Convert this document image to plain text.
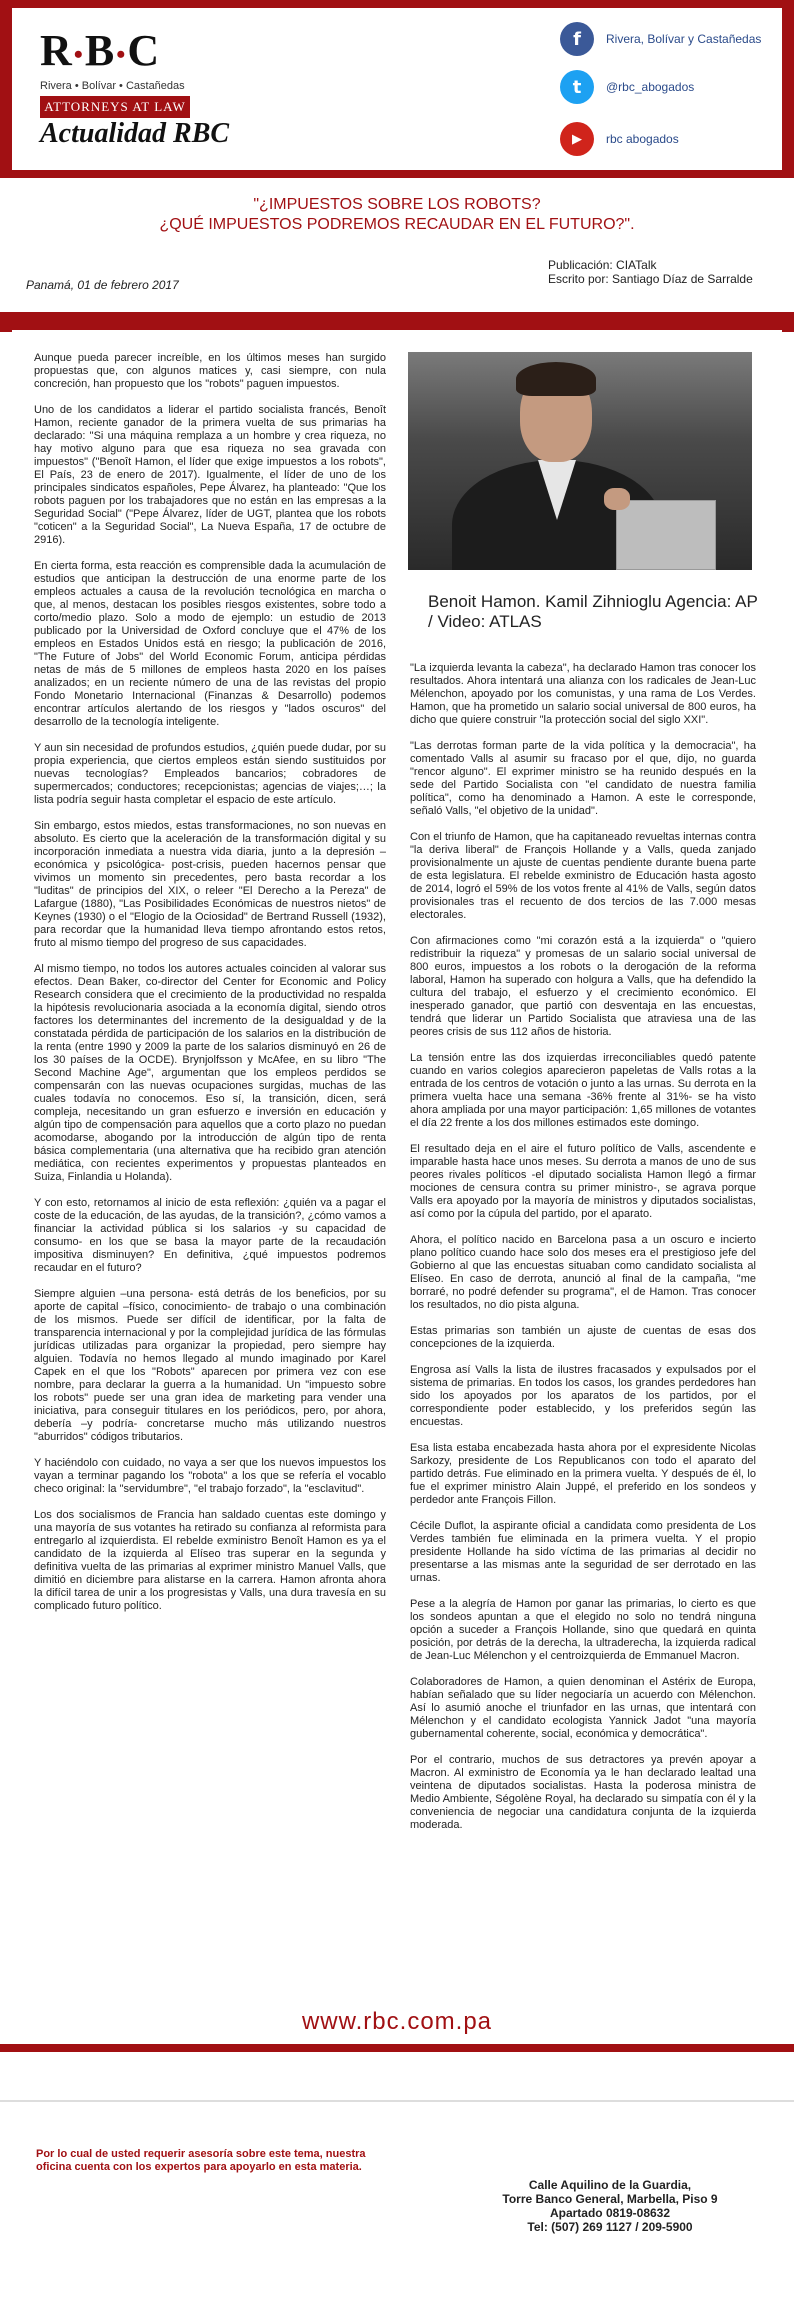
R•B•C
Rivera • Bolívar • Castañedas
ATTORNEYS AT LAW
Actualidad RBC
f	Rivera, Bolívar y Castañedas
t	@rbc_abogados
▶	rbc abogados
"¿IMPUESTOS SOBRE LOS ROBOTS?
¿QUÉ IMPUESTOS PODREMOS RECAUDAR EN EL FUTURO?".
Panamá, 01 de febrero 2017
Publicación: CIATalk
Escrito por: Santiago Díaz de Sarralde

Aunque pueda parecer increíble, en los últimos meses han surgido propuestas que, con algunos matices y, casi siempre, con nula concreción, han propuesto que los "robots" paguen impuestos.

Uno de los candidatos a liderar el partido socialista francés, Benoît Hamon, reciente ganador de la primera vuelta de sus primarias ha declarado: "Si una máquina remplaza a un hombre y crea riqueza, no hay motivo alguno para que esa riqueza no sea gravada con impuestos" ("Benoît Hamon, el líder que exige impuestos a los robots", El País, 23 de enero de 2017). Igualmente, el líder de uno de los principales sindicatos españoles, Pepe Álvarez, ha planteado: "Que los robots paguen por los trabajadores que no están en las empresas a la Seguridad Social" ("Pepe Álvarez, líder de UGT, plantea que los robots "coticen" a la Seguridad Social", La Nueva España, 17 de octubre de 2916).

En cierta forma, esta reacción es comprensible dada la acumulación de estudios que anticipan la destrucción de una enorme parte de los empleos actuales a causa de la revolución tecnológica en marcha o que, al menos, destacan los posibles riesgos existentes, sobre todo a corto/medio plazo. Solo a modo de ejemplo: un estudio de 2013 publicado por la Universidad de Oxford concluye que el 47% de los empleos en Estados Unidos está en riesgo; la publicación de 2016, "The Future of Jobs" del World Economic Forum, anticipa pérdidas netas de más de 5 millones de empleos hasta 2020 en los países analizados; en un reciente número de una de las revistas del propio Fondo Monetario Internacional (Finanzas & Desarrollo) podemos encontrar artículos alertando de los riesgos y "lados oscuros" del desarrollo de la tecnología inteligente.

Y aun sin necesidad de profundos estudios, ¿quién puede dudar, por su propia experiencia, que ciertos empleos están siendo sustituidos por nuevas tecnologías? Empleados bancarios; cobradores de supermercados; conductores; recepcionistas; agencias de viajes;…; la lista podría seguir hasta completar el espacio de este artículo.

Sin embargo, estos miedos, estas transformaciones, no son nuevas en absoluto. Es cierto que la aceleración de la transformación digital y su incorporación inmediata a nuestra vida diaria, junto a la depresión –económica y psicológica- post-crisis, pueden hacernos pensar que vivimos un momento sin precedentes, pero basta recordar a los "luditas" de principios del XIX, o releer "El Derecho a la Pereza" de Lafargue (1880), "Las Posibilidades Económicas de nuestros nietos" de Keynes (1930) o el "Elogio de la Ociosidad" de Bertrand Russell (1932), para recordar que la humanidad lleva tiempo afrontando estos retos, fruto al mismo tiempo del progreso de sus capacidades.

Al mismo tiempo, no todos los autores actuales coinciden al valorar sus efectos. Dean Baker, co-director del Center for Economic and Policy Research considera que el crecimiento de la productividad no respalda la hipótesis revolucionaria asociada a la economía digital, siendo otros factores los determinantes del incremento de la desigualdad y de la constatada pérdida de participación de los salarios en la distribución de la renta (entre 1990 y 2009 la parte de los salarios disminuyó en 26 de los 30 países de la OCDE). Brynjolfsson y McAfee, en su libro "The Second Machine Age", argumentan que los empleos perdidos se compensarán con las nuevas ocupaciones surgidas, muchas de las cuales todavía no conocemos. Eso sí, la transición, dicen, será compleja, necesitando un gran esfuerzo e inversión en educación y algún tipo de compensación para aquellos que a corto plazo no puedan acomodarse, abogando por la introducción de algún tipo de renta básica complementaria (una alternativa que ha recibido gran atención mediática, con recientes experimentos y propuestas planteados en Suiza, Finlandia u Holanda).

Y con esto, retornamos al inicio de esta reflexión: ¿quién va a pagar el coste de la educación, de las ayudas, de la transición?, ¿cómo vamos a financiar la actividad pública si los salarios -y su capacidad de consumo- en los que se basa la mayor parte de la recaudación impositiva disminuyen? En definitiva, ¿qué impuestos podremos recaudar en el futuro?

Siempre alguien –una persona- está detrás de los beneficios, por su aporte de capital –físico, conocimiento- de trabajo o una combinación de los mismos. Puede ser difícil de identificar, por la falta de transparencia internacional y por la complejidad jurídica de las fórmulas jurídicas utilizadas para organizar la propiedad, pero siempre hay alguien. Todavía no hemos llegado al mundo imaginado por Karel Capek en el que los "Robots" aparecen por primera vez con ese nombre, para declarar la guerra a la humanidad. Un "impuesto sobre los robots" puede ser una gran idea de marketing para vender una iniciativa, para conseguir titulares en los periódicos, pero, por ahora, debería –y podría- concretarse mucho más utilizando nuestros "aburridos" códigos tributarios.

Y haciéndolo con cuidado, no vaya a ser que los nuevos impuestos los vayan a terminar pagando los "robota" a los que se refería el vocablo checo original: la "servidumbre", "el trabajo forzado", la "esclavitud".

Los dos socialismos de Francia han saldado cuentas este domingo y una mayoría de sus votantes ha retirado su confianza al reformista para entregarlo al izquierdista. El rebelde exministro Benoît Hamon es ya el candidato de la izquierda al Elíseo tras superar en la segunda y definitiva vuelta de las primarias al exprimer ministro Manuel Valls, que dimitió en diciembre para alistarse en la carrera. Hamon afronta ahora la difícil tarea de unir a los progresistas y Valls, una dura travesía en su complicado futuro político.

Benoit Hamon. Kamil Zihnioglu Agencia: AP / Video: ATLAS

"La izquierda levanta la cabeza", ha declarado Hamon tras conocer los resultados. Ahora intentará una alianza con los radicales de Jean-Luc Mélenchon, apoyado por los comunistas, y una rama de Los Verdes. Hamon, que ha prometido un salario social universal de 800 euros, ha dicho que quiere construir "la protección social del siglo XXI".

"Las derrotas forman parte de la vida política y la democracia", ha comentado Valls al asumir su fracaso por el que, dijo, no guarda "rencor alguno". El exprimer ministro se ha reunido después en la sede del Partido Socialista con "el candidato de nuestra familia política", como ha denominado a Hamon. A este le corresponde, señaló Valls, "el objetivo de la unidad".

Con el triunfo de Hamon, que ha capitaneado revueltas internas contra "la deriva liberal" de François Hollande y a Valls, queda zanjado provisionalmente un ajuste de cuentas pendiente durante buena parte de esta legislatura. El rebelde exministro de Educación hasta agosto de 2014, logró el 59% de los votos frente al 41% de Valls, según datos provisionales tras el recuento de dos tercios de las 7.000 mesas electorales.

Con afirmaciones como "mi corazón está a la izquierda" o "quiero redistribuir la riqueza" y promesas de un salario social universal de 800 euros, impuestos a los robots o la derogación de la reforma laboral, Hamon ha superado con holgura a Valls, que ha defendido la cultura del trabajo, el esfuerzo y el crecimiento económico. El inesperado ganador, que partió con desventaja en las encuestas, tendrá que liderar un Partido Socialista que atraviesa una de las peores crisis de sus 112 años de historia.

La tensión entre las dos izquierdas irreconciliables quedó patente cuando en varios colegios aparecieron papeletas de Valls rotas a la entrada de los centros de votación o junto a las urnas. Su derrota en la primera vuelta hace una semana -36% frente al 31%- se ha visto ahora ampliada por una mayor participación: 1,65 millones de votantes el día 22 frente a los dos millones estimados este domingo.

El resultado deja en el aire el futuro político de Valls, ascendente e imparable hasta hace unos meses. Su derrota a manos de uno de sus peores rivales políticos -el diputado socialista Hamon llegó a firmar mociones de censura contra su primer ministro-, se agrava porque Valls era apoyado por la mayoría de ministros y diputados socialistas, así como por la cúpula del partido, por el aparato.

Ahora, el político nacido en Barcelona pasa a un oscuro e incierto plano político cuando hace solo dos meses era el prestigioso jefe del Gobierno al que las encuestas situaban como candidato socialista al Elíseo. En caso de derrota, anunció al final de la campaña, "me borraré, no podré defender su programa", el de Hamon. Tras conocer los resultados, no dio pista alguna.

Estas primarias son también un ajuste de cuentas de esas dos concepciones de la izquierda.

Engrosa así Valls la lista de ilustres fracasados y expulsados por el sistema de primarias. En todos los casos, los grandes perdedores han sido los apoyados por los aparatos de los partidos, por el correspondiente poder establecido, y los preferidos según las encuestas.

Esa lista estaba encabezada hasta ahora por el expresidente Nicolas Sarkozy, presidente de Los Republicanos con todo el aparato del partido detrás. Fue eliminado en la primera vuelta. Y después de él, lo fue el exprimer ministro Alain Juppé, el preferido en los sondeos y perdedor ante François Fillon.

Cécile Duflot, la aspirante oficial a candidata como presidenta de Los Verdes también fue eliminada en la primera vuelta. Y el propio presidente Hollande ha sido víctima de las primarias al decidir no presentarse a las mismas ante la seguridad de ser derrotado en las urnas.

Pese a la alegría de Hamon por ganar las primarias, lo cierto es que los sondeos apuntan a que el elegido no solo no tendrá ninguna opción a suceder a François Hollande, sino que quedará en quinta posición, por detrás de la derecha, la ultraderecha, la izquierda radical de Jean-Luc Mélenchon y el centroizquierda de Emmanuel Macron.

Colaboradores de Hamon, a quien denominan el Astérix de Europa, habían señalado que su líder negociaría un acuerdo con Mélenchon. Así lo asumió anoche el triunfador en las urnas, que intentará con Mélenchon y el candidato ecologista Yannick Jadot "una mayoría gubernamental coherente, social, económica y democrática".

Por el contrario, muchos de sus detractores ya prevén apoyar a Macron. Al exministro de Economía ya le han declarado lealtad una veintena de diputados socialistas. Hasta la poderosa ministra de Medio Ambiente, Ségolène Royal, ha declarado su simpatía con él y la conveniencia de negociar una candidatura conjunta de la izquierda moderada.

www.rbc.com.pa
Por lo cual de usted requerir asesoría sobre este tema, nuestra oficina cuenta con los expertos para apoyarlo en esta materia.
Calle Aquilino de la Guardia,
Torre Banco General, Marbella, Piso 9
Apartado 0819-08632
Tel: (507) 269 1127 / 209-5900
